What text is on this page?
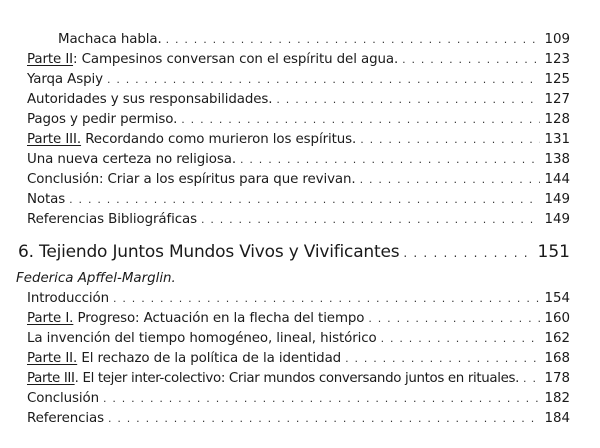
Machaca habla. . . .	109
Parte II: Campesinos conversan con el espíritu del agua. . . .	123
Yarqa Aspiy . . .	125
Autoridades y sus responsabilidades. . . .	127
Pagos y pedir permiso. . . .	128
Parte III. Recordando como murieron los espíritus. . . .	131
Una nueva certeza no religiosa. . . .	138
Conclusión: Criar a los espíritus para que revivan. . . .	144
Notas . . .	149
Referencias Bibliográficas . . .	149
6. Tejiendo Juntos Mundos Vivos y Vivificantes . . .	151
Federica Apffel-Marglin.
Introducción . . .	154
Parte I. Progreso: Actuación en la flecha del tiempo . . .	160
La invención del tiempo homogéneo, lineal, histórico . . .	162
Parte II. El rechazo de la política de la identidad . . .	168
Parte III. El tejer inter-colectivo: Criar mundos conversando juntos en rituales. . . . 178
Conclusión . . .	182
Referencias . . .	184
